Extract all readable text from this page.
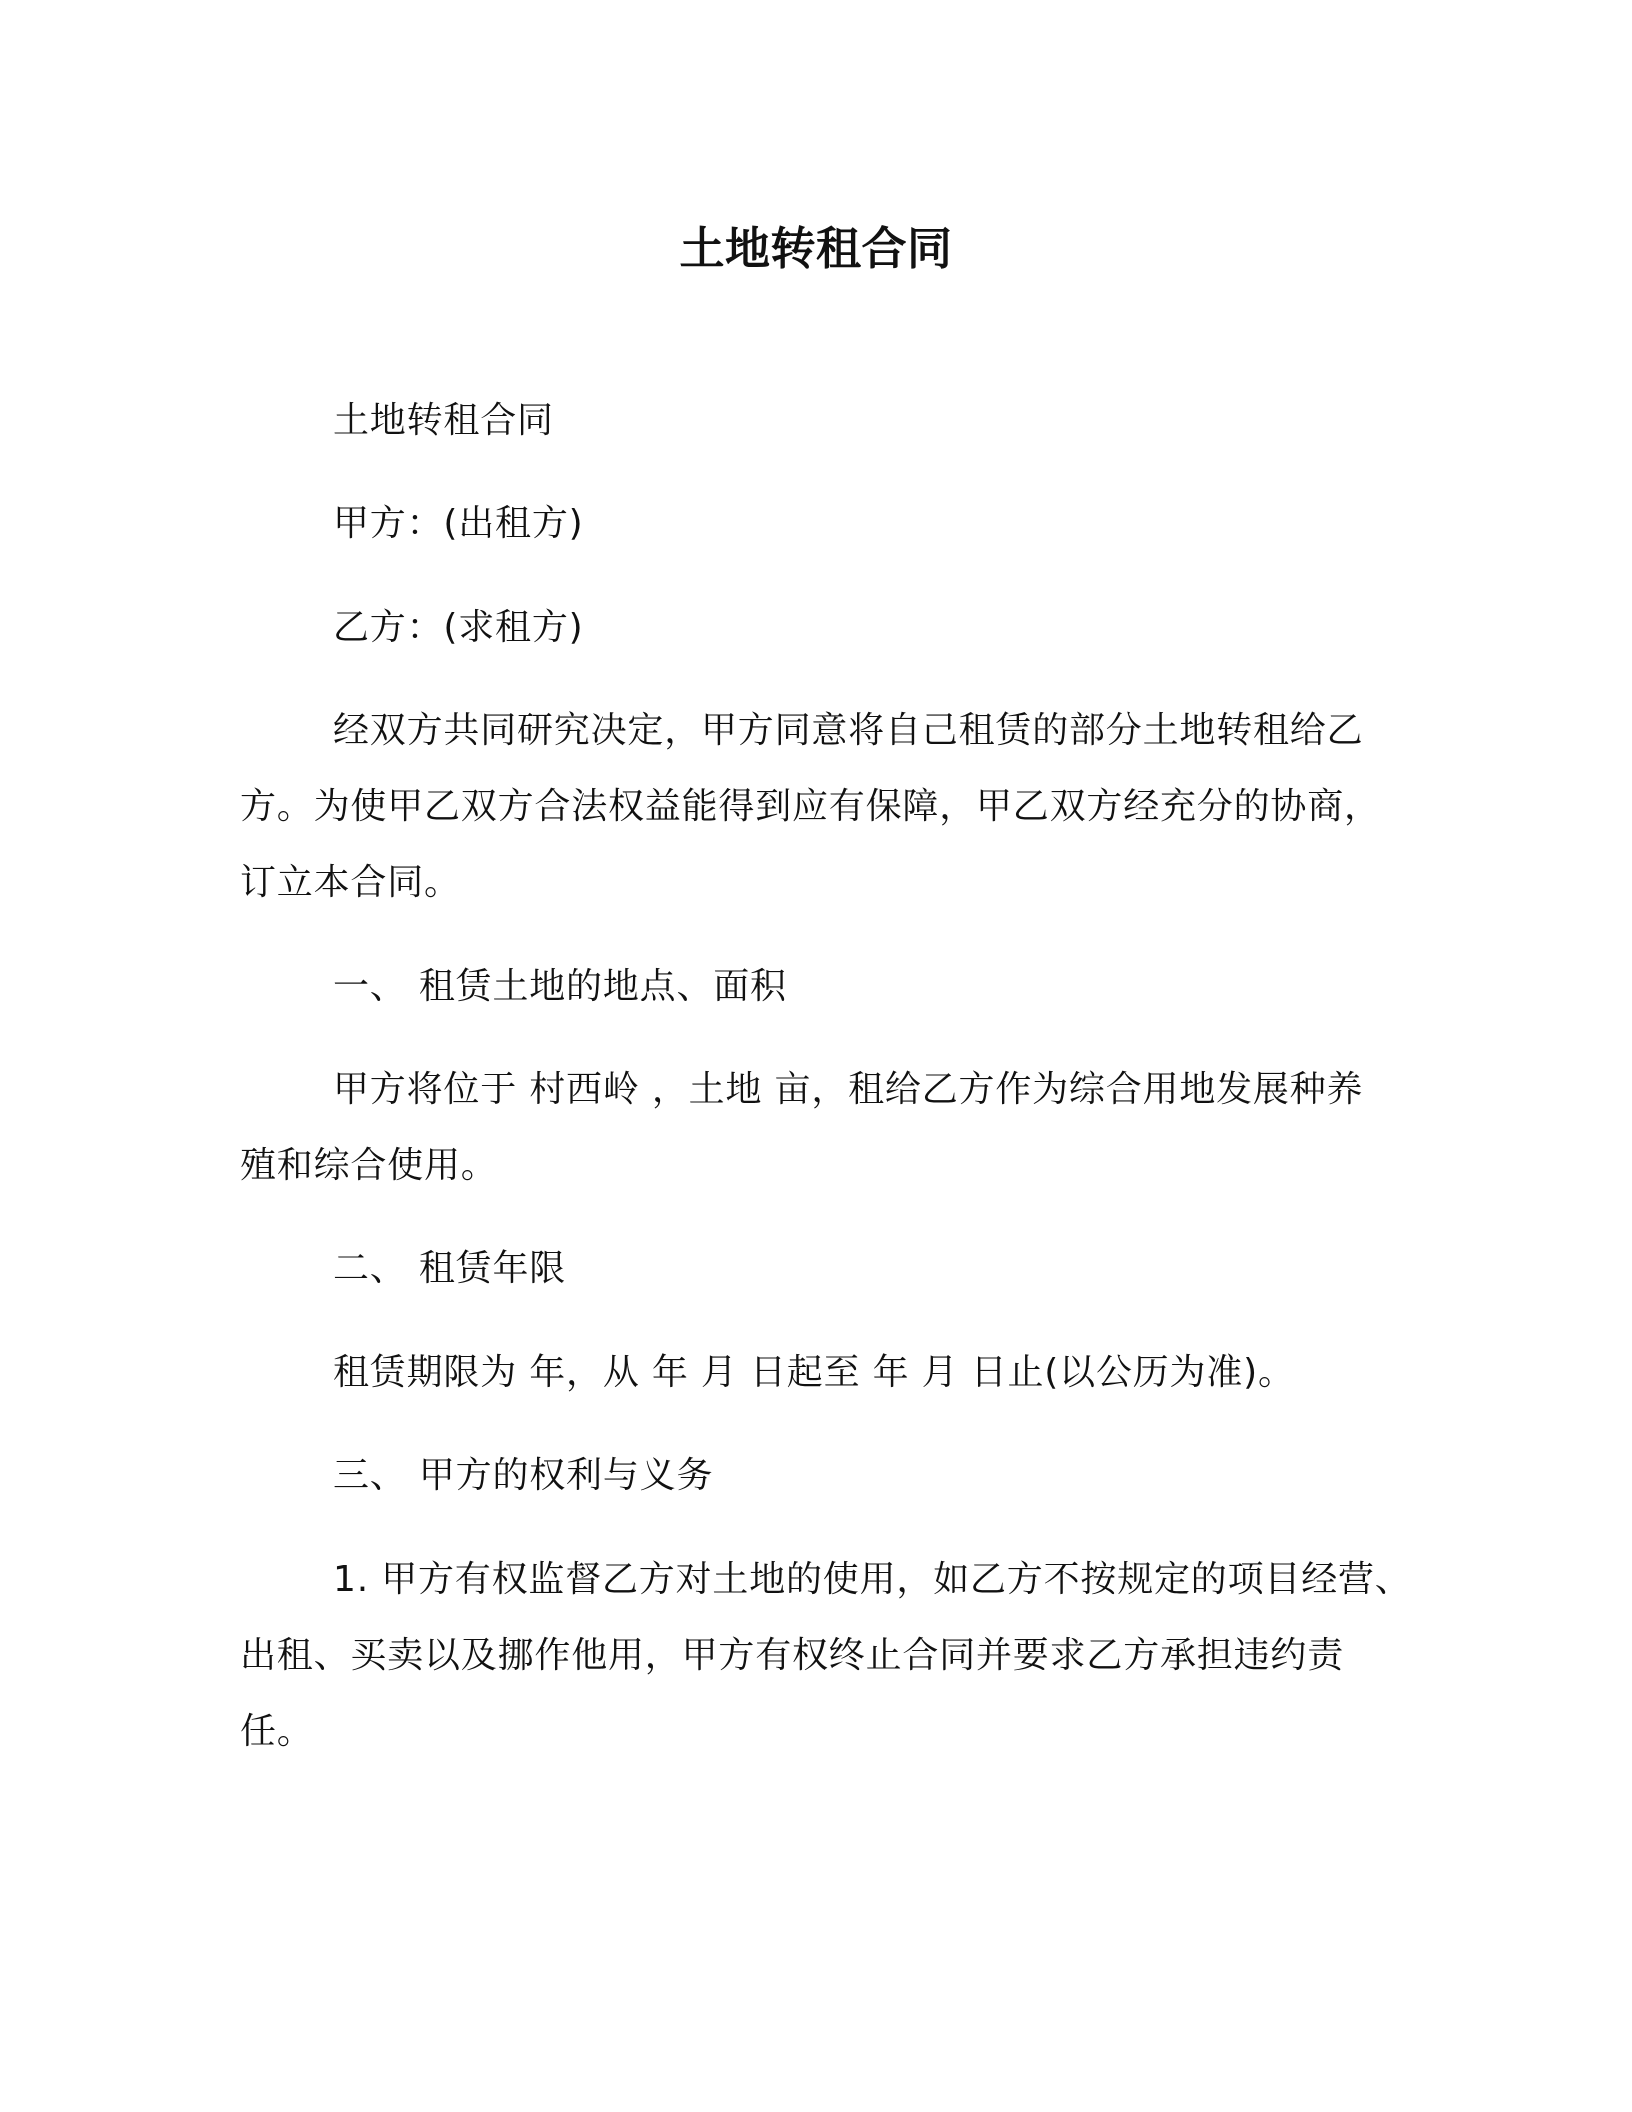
土地转租合同

土地转租合同

甲方：(出租方)

乙方：(求租方)

经双方共同研究决定，甲方同意将自己租赁的部分土地转租给乙
方。为使甲乙双方合法权益能得到应有保障，甲乙双方经充分的协商，
订立本合同。

一、 租赁土地的地点、面积

甲方将位于 村西岭 ，土地 亩，租给乙方作为综合用地发展种养
殖和综合使用。

二、 租赁年限

租赁期限为 年，从 年 月 日起至 年 月 日止(以公历为准)。

三、 甲方的权利与义务

1. 甲方有权监督乙方对土地的使用，如乙方不按规定的项目经营、
出租、买卖以及挪作他用，甲方有权终止合同并要求乙方承担违约责
任。
